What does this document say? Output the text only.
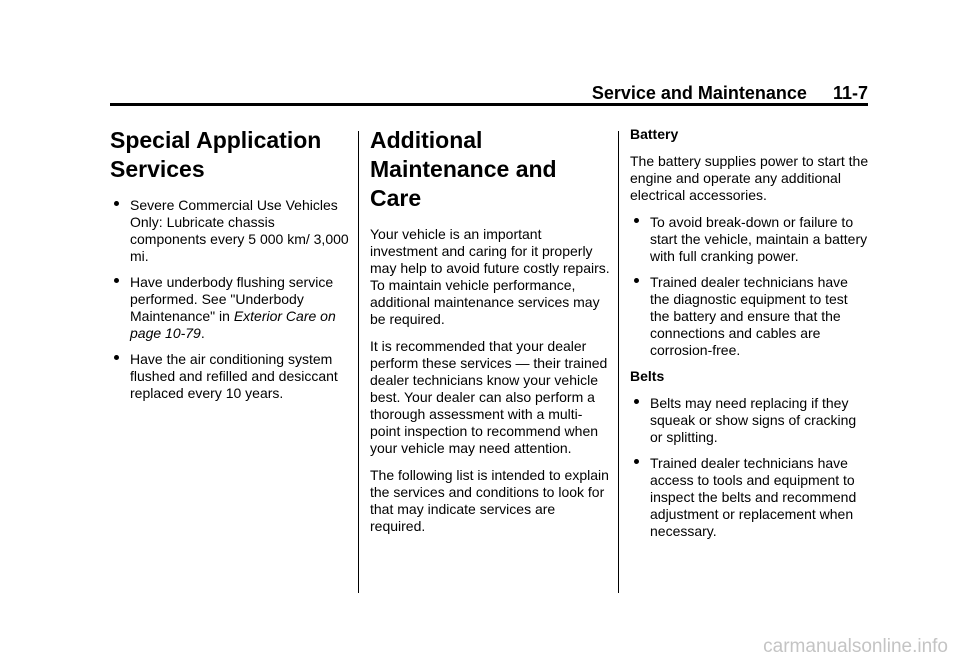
Service and Maintenance 11-7
Special Application Services
Severe Commercial Use Vehicles Only: Lubricate chassis components every 5 000 km/ 3,000 mi.
Have underbody flushing service performed. See "Underbody Maintenance" in Exterior Care on page 10-79.
Have the air conditioning system flushed and refilled and desiccant replaced every 10 years.
Additional Maintenance and Care

Your vehicle is an important investment and caring for it properly may help to avoid future costly repairs. To maintain vehicle performance, additional maintenance services may be required.

It is recommended that your dealer perform these services — their trained dealer technicians know your vehicle best. Your dealer can also perform a thorough assessment with a multi-point inspection to recommend when your vehicle may need attention.

The following list is intended to explain the services and conditions to look for that may indicate services are required.

Battery

The battery supplies power to start the engine and operate any additional electrical accessories.

To avoid break-down or failure to start the vehicle, maintain a battery with full cranking power.
Trained dealer technicians have the diagnostic equipment to test the battery and ensure that the connections and cables are corrosion-free.

Belts

Belts may need replacing if they squeak or show signs of cracking or splitting.
Trained dealer technicians have access to tools and equipment to inspect the belts and recommend adjustment or replacement when necessary.
carmanualsonline.info
